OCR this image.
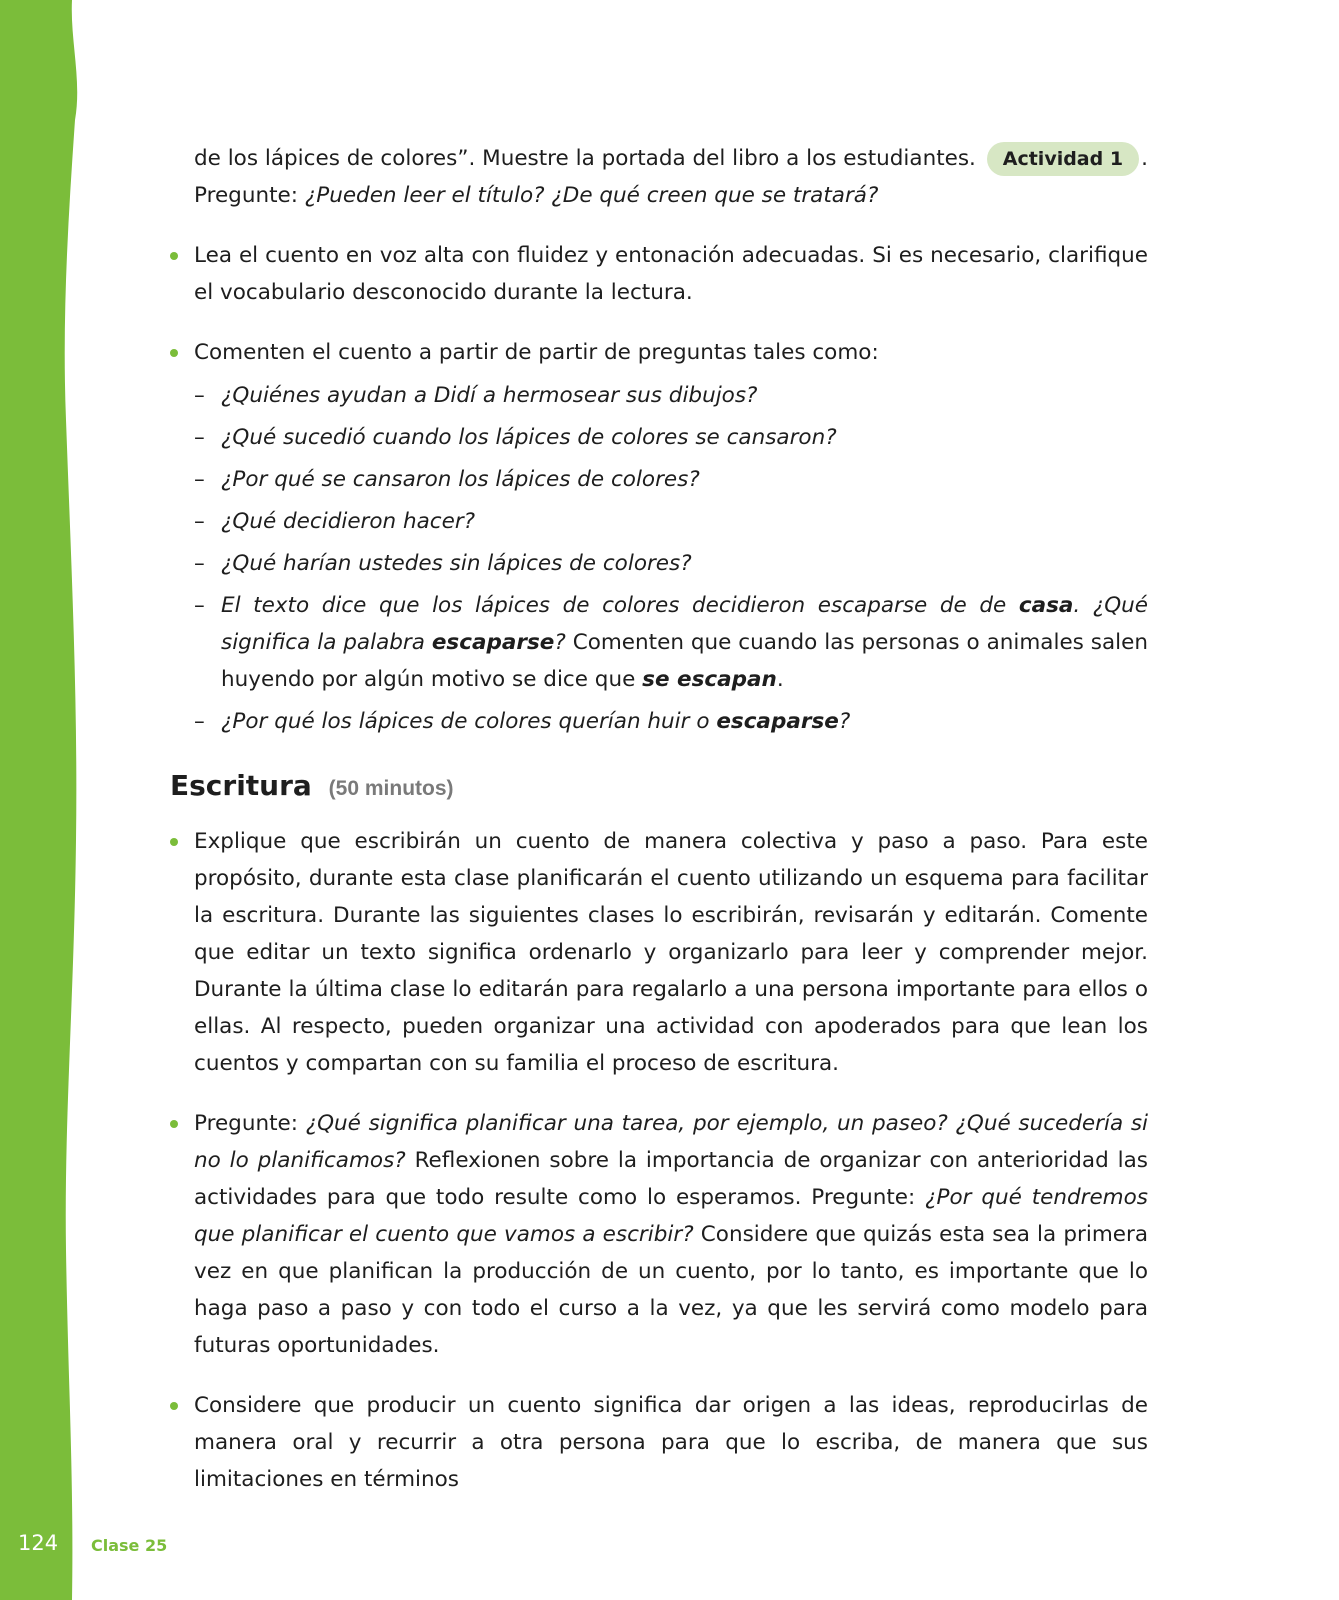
de los lápices de colores”. Muestre la portada del libro a los estudiantes. Actividad 1 .
Pregunte: ¿Pueden leer el título? ¿De qué creen que se tratará?
Lea el cuento en voz alta con fluidez y entonación adecuadas. Si es necesario, clarifique el vocabulario desconocido durante la lectura.
Comenten el cuento a partir de partir de preguntas tales como:
– ¿Quiénes ayudan a Didí a hermosear sus dibujos?
– ¿Qué sucedió cuando los lápices de colores se cansaron?
– ¿Por qué se cansaron los lápices de colores?
– ¿Qué decidieron hacer?
– ¿Qué harían ustedes sin lápices de colores?
– El texto dice que los lápices de colores decidieron escaparse de de casa. ¿Qué significa la palabra escaparse? Comenten que cuando las personas o animales salen huyendo por algún motivo se dice que se escapan.
– ¿Por qué los lápices de colores querían huir o escaparse?
Escritura (50 minutos)
Explique que escribirán un cuento de manera colectiva y paso a paso. Para este propósito, durante esta clase planificarán el cuento utilizando un esquema para facilitar la escritura. Durante las siguientes clases lo escribirán, revisarán y editarán. Comente que editar un texto significa ordenarlo y organizarlo para leer y comprender mejor. Durante la última clase lo editarán para regalarlo a una persona importante para ellos o ellas. Al respecto, pueden organizar una actividad con apoderados para que lean los cuentos y compartan con su familia el proceso de escritura.
Pregunte: ¿Qué significa planificar una tarea, por ejemplo, un paseo? ¿Qué sucedería si no lo planificamos? Reflexionen sobre la importancia de organizar con anterioridad las actividades para que todo resulte como lo esperamos. Pregunte: ¿Por qué tendremos que planificar el cuento que vamos a escribir? Considere que quizás esta sea la primera vez en que planifican la producción de un cuento, por lo tanto, es importante que lo haga paso a paso y con todo el curso a la vez, ya que les servirá como modelo para futuras oportunidades.
Considere que producir un cuento significa dar origen a las ideas, reproducirlas de manera oral y recurrir a otra persona para que lo escriba, de manera que sus limitaciones en términos
124 Clase 25
